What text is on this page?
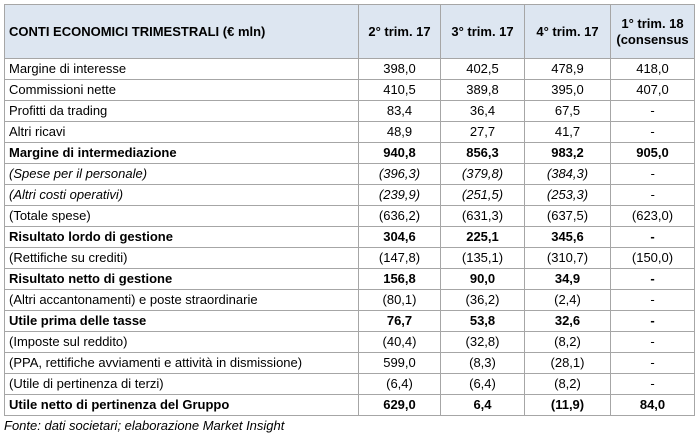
CONTI ECONOMICI TRIMESTRALI (€ mln)	2° trim. 17	3° trim. 17	4° trim. 17	1° trim. 18 (consensus
Margine di interesse	398,0	402,5	478,9	418,0
Commissioni nette	410,5	389,8	395,0	407,0
Profitti da trading	83,4	36,4	67,5	-
Altri ricavi	48,9	27,7	41,7	-
Margine di intermediazione	940,8	856,3	983,2	905,0
(Spese per il personale)	(396,3)	(379,8)	(384,3)	-
(Altri costi operativi)	(239,9)	(251,5)	(253,3)	-
(Totale spese)	(636,2)	(631,3)	(637,5)	(623,0)
Risultato lordo di gestione	304,6	225,1	345,6	-
(Rettifiche su crediti)	(147,8)	(135,1)	(310,7)	(150,0)
Risultato netto di gestione	156,8	90,0	34,9	-
(Altri accantonamenti) e poste straordinarie	(80,1)	(36,2)	(2,4)	-
Utile prima delle tasse	76,7	53,8	32,6	-
(Imposte sul reddito)	(40,4)	(32,8)	(8,2)	-
(PPA, rettifiche avviamenti e attività in dismissione)	599,0	(8,3)	(28,1)	-
(Utile di pertinenza di terzi)	(6,4)	(6,4)	(8,2)	-
Utile netto di pertinenza del Gruppo	629,0	6,4	(11,9)	84,0
Fonte: dati societari; elaborazione Market Insight
